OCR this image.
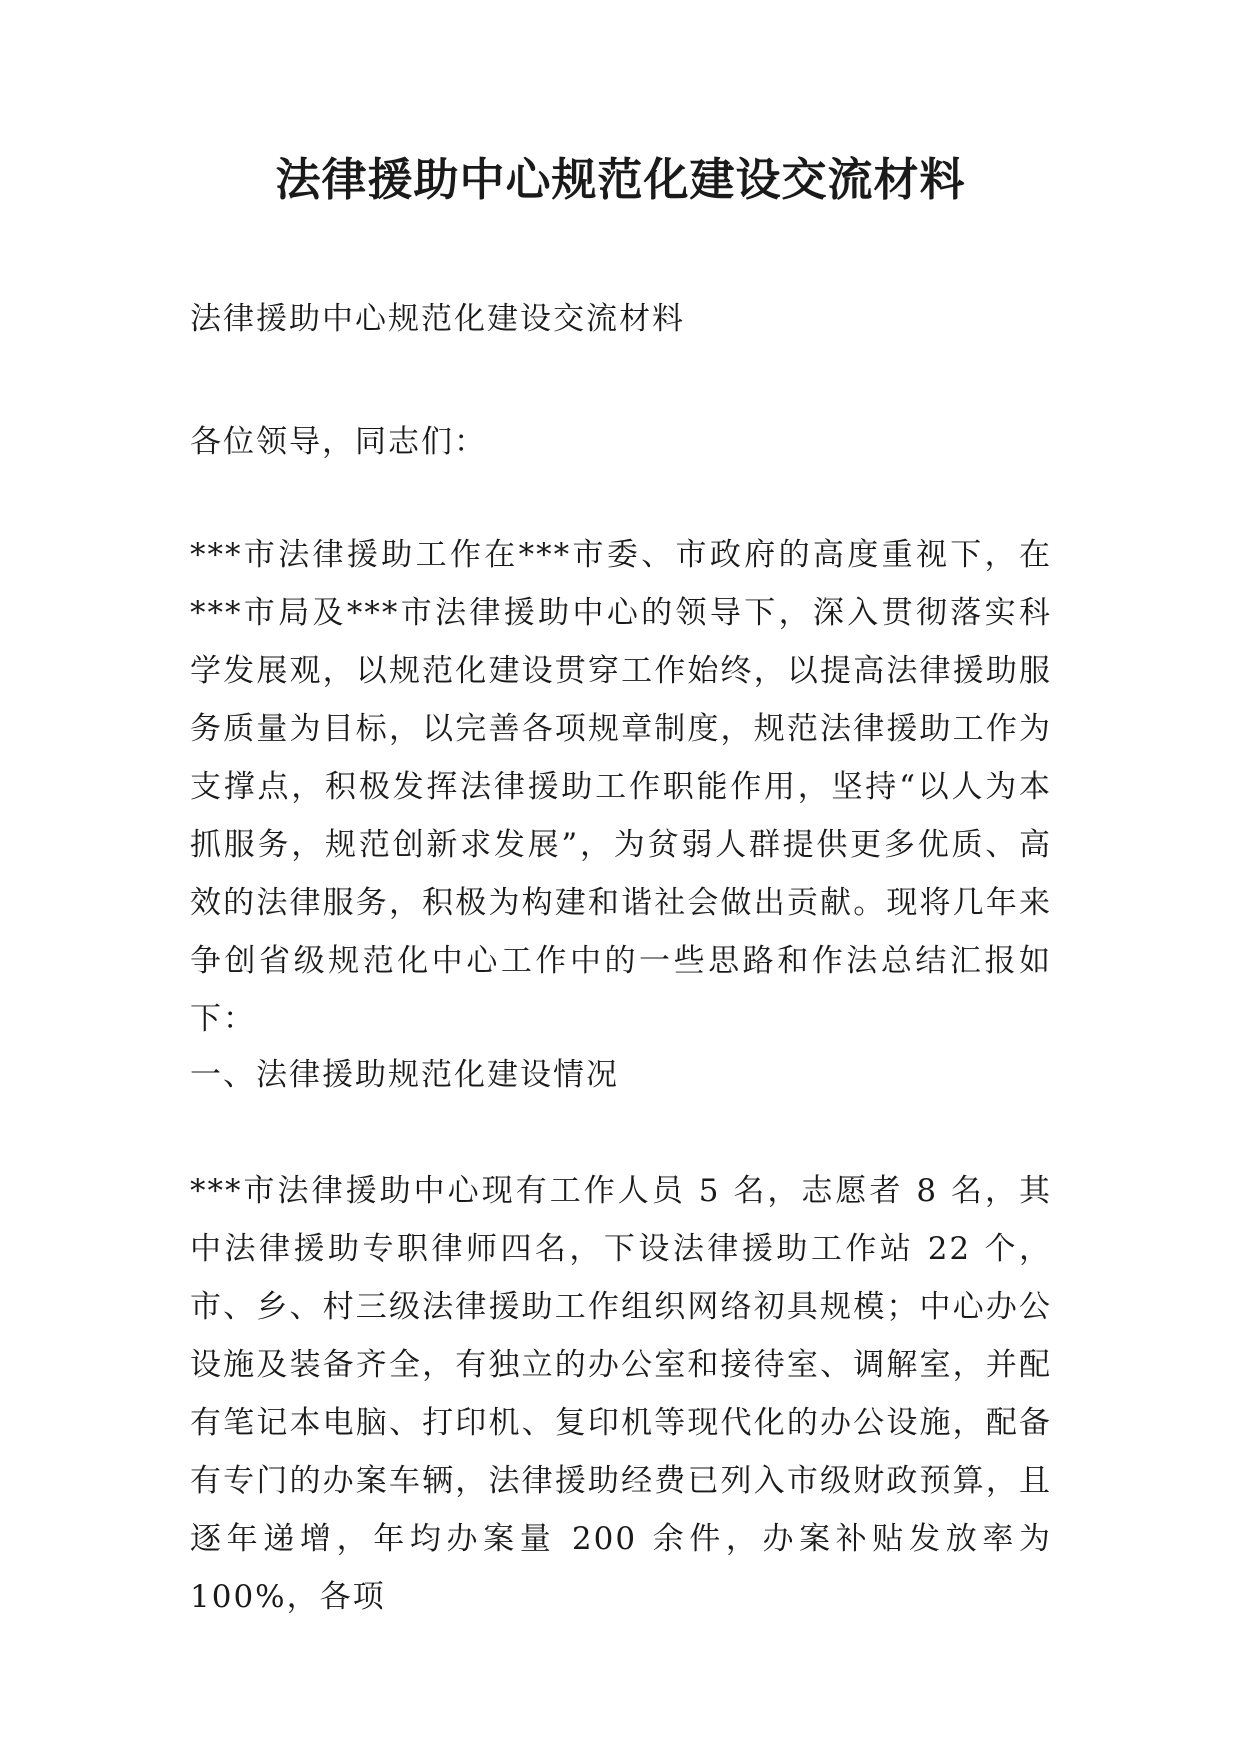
法律援助中心规范化建设交流材料

法律援助中心规范化建设交流材料

各位领导，同志们：

***市法律援助工作在***市委、市政府的高度重视下，在***市局及***市法律援助中心的领导下，深入贯彻落实科学发展观，以规范化建设贯穿工作始终，以提高法律援助服务质量为目标，以完善各项规章制度，规范法律援助工作为支撑点，积极发挥法律援助工作职能作用，坚持“以人为本抓服务，规范创新求发展”，为贫弱人群提供更多优质、高效的法律服务，积极为构建和谐社会做出贡献。现将几年来争创省级规范化中心工作中的一些思路和作法总结汇报如下：

一、法律援助规范化建设情况

***市法律援助中心现有工作人员 5 名，志愿者 8 名，其中法律援助专职律师四名，下设法律援助工作站 22 个，市、乡、村三级法律援助工作组织网络初具规模；中心办公设施及装备齐全，有独立的办公室和接待室、调解室，并配有笔记本电脑、打印机、复印机等现代化的办公设施，配备有专门的办案车辆，法律援助经费已列入市级财政预算，且逐年递增，年均办案量 200 余件，办案补贴发放率为 100%，各项
